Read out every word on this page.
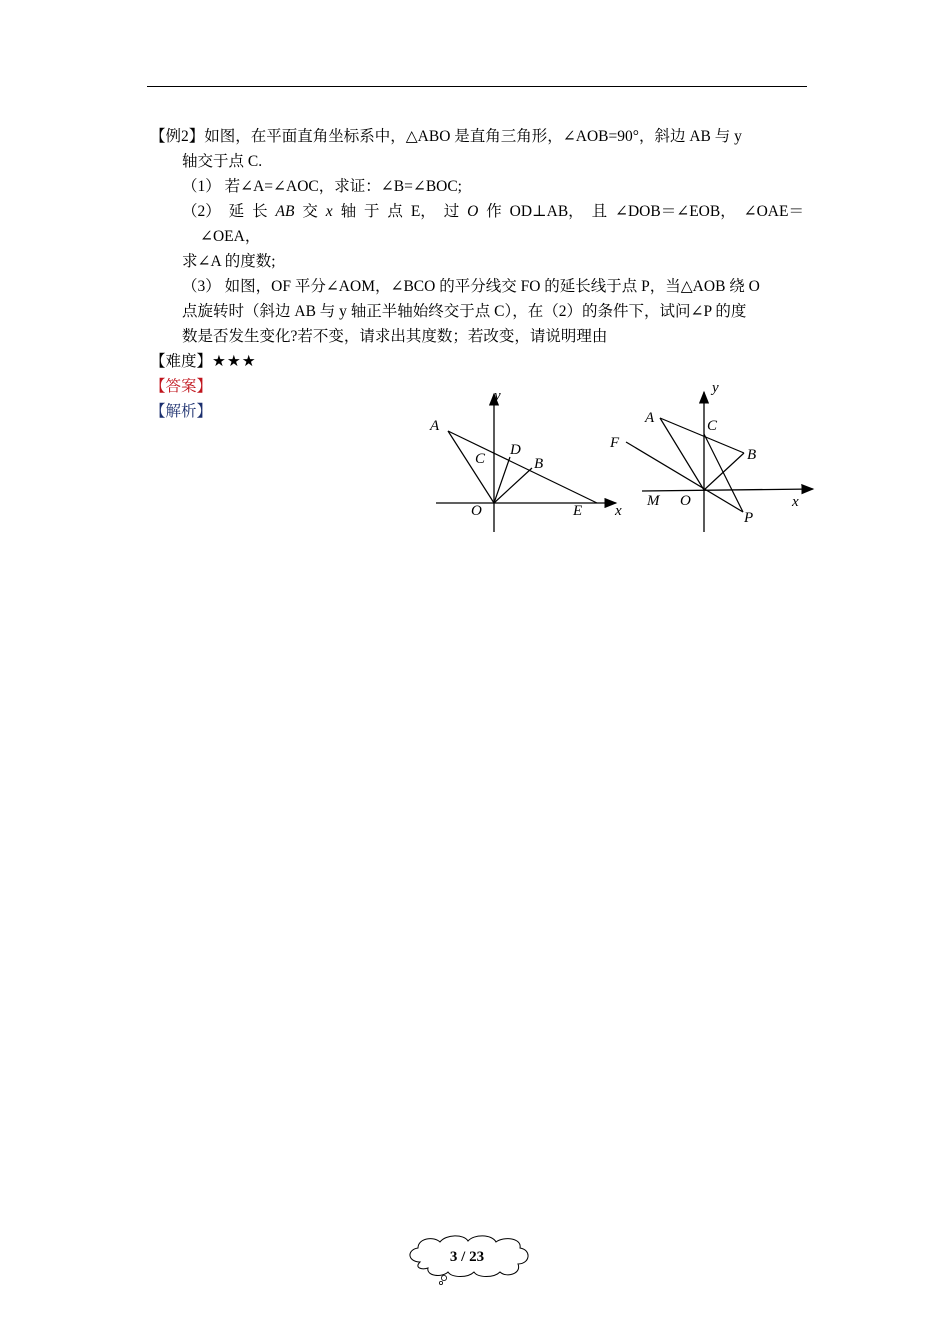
【例2】如图，在平面直角坐标系中，△ABO 是直角三角形，∠AOB=90°，斜边 AB 与 y
轴交于点 C.
（1） 若∠A=∠AOC，求证：∠B=∠BOC;
（2） 延 长 AB 交 x 轴 于 点 E， 过 O 作 OD⊥AB， 且 ∠DOB＝∠EOB， ∠OAE＝
∠OEA，
求∠A 的度数;
（3） 如图，OF 平分∠AOM，∠BCO 的平分线交 FO 的延长线于点 P，当△AOB 绕 O
点旋转时（斜边 AB 与 y 轴正半轴始终交于点 C），在（2）的条件下，试问∠P 的度
数是否发生变化?若不变，请求出其度数；若改变，请说明理由
【难度】★★★
【答案】
【解析】
A
C
D
B
O	E x
y
A	C
F
B
M O
P
x
y
3 / 23
